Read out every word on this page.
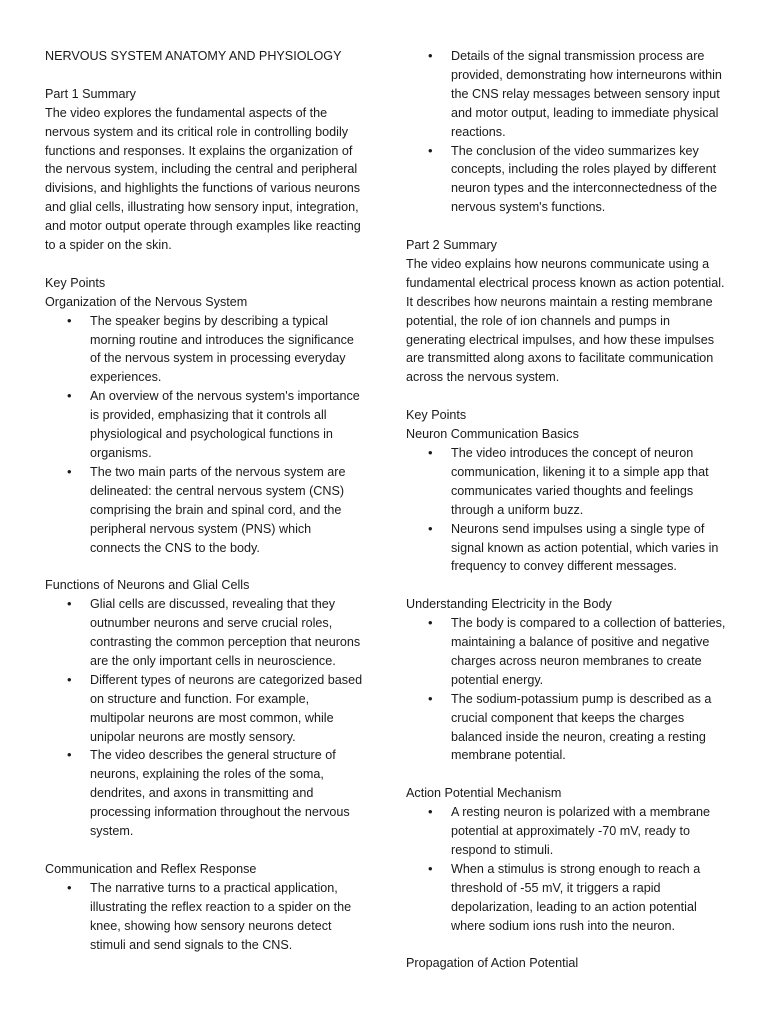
NERVOUS SYSTEM ANATOMY AND PHYSIOLOGY

Part 1 Summary

The video explores the fundamental aspects of the nervous system and its critical role in controlling bodily functions and responses. It explains the organization of the nervous system, including the central and peripheral divisions, and highlights the functions of various neurons and glial cells, illustrating how sensory input, integration, and motor output operate through examples like reacting to a spider on the skin.

Key Points

Organization of the Nervous System

• The speaker begins by describing a typical morning routine and introduces the significance of the nervous system in processing everyday experiences.
• An overview of the nervous system's importance is provided, emphasizing that it controls all physiological and psychological functions in organisms.
• The two main parts of the nervous system are delineated: the central nervous system (CNS) comprising the brain and spinal cord, and the peripheral nervous system (PNS) which connects the CNS to the body.

Functions of Neurons and Glial Cells

• Glial cells are discussed, revealing that they outnumber neurons and serve crucial roles, contrasting the common perception that neurons are the only important cells in neuroscience.
• Different types of neurons are categorized based on structure and function. For example, multipolar neurons are most common, while unipolar neurons are mostly sensory.
• The video describes the general structure of neurons, explaining the roles of the soma, dendrites, and axons in transmitting and processing information throughout the nervous system.

Communication and Reflex Response

• The narrative turns to a practical application, illustrating the reflex reaction to a spider on the knee, showing how sensory neurons detect stimuli and send signals to the CNS.
• Details of the signal transmission process are provided, demonstrating how interneurons within the CNS relay messages between sensory input and motor output, leading to immediate physical reactions.
• The conclusion of the video summarizes key concepts, including the roles played by different neuron types and the interconnectedness of the nervous system's functions.

Part 2 Summary

The video explains how neurons communicate using a fundamental electrical process known as action potential. It describes how neurons maintain a resting membrane potential, the role of ion channels and pumps in generating electrical impulses, and how these impulses are transmitted along axons to facilitate communication across the nervous system.

Key Points

Neuron Communication Basics

• The video introduces the concept of neuron communication, likening it to a simple app that communicates varied thoughts and feelings through a uniform buzz.
• Neurons send impulses using a single type of signal known as action potential, which varies in frequency to convey different messages.

Understanding Electricity in the Body

• The body is compared to a collection of batteries, maintaining a balance of positive and negative charges across neuron membranes to create potential energy.
• The sodium-potassium pump is described as a crucial component that keeps the charges balanced inside the neuron, creating a resting membrane potential.

Action Potential Mechanism

• A resting neuron is polarized with a membrane potential at approximately -70 mV, ready to respond to stimuli.
• When a stimulus is strong enough to reach a threshold of -55 mV, it triggers a rapid depolarization, leading to an action potential where sodium ions rush into the neuron.

Propagation of Action Potential
